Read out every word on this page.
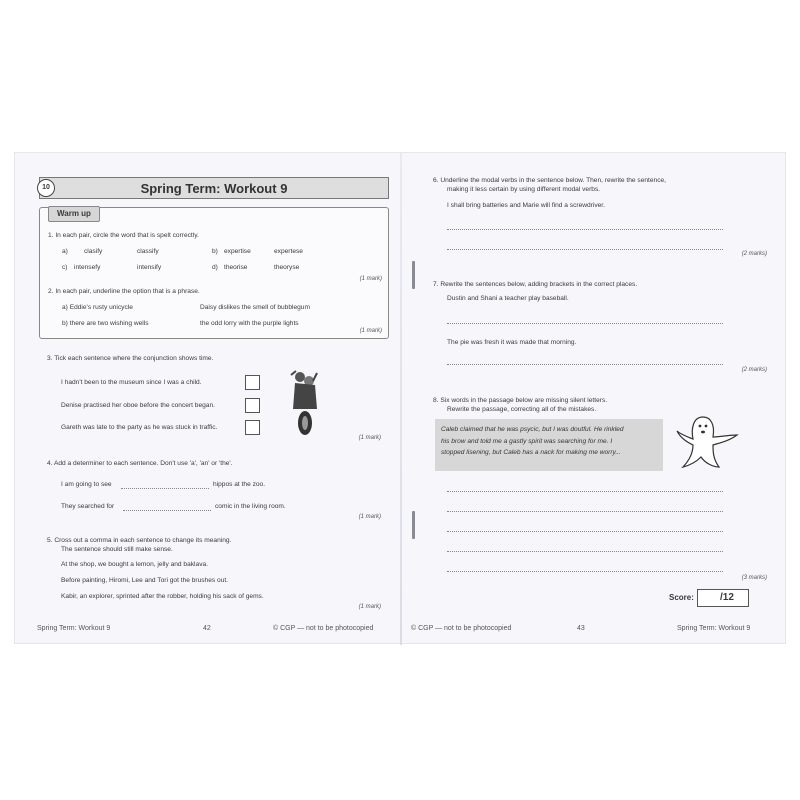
Spring Term: Workout 9
10
Warm up
1. In each pair, circle the word that is spelt correctly.
a) clasify	classify	b) expertise	expertese
c) intensefy	intensify	d) theorise	theoryse
(1 mark)
2. In each pair, underline the option that is a phrase.
a) Eddie's rusty unicycle	Daisy dislikes the smell of bubblegum
b) there are two wishing wells	the odd lorry with the purple lights
(1 mark)
3. Tick each sentence where the conjunction shows time.
I hadn't been to the museum since I was a child.
Denise practised her oboe before the concert began.
Gareth was late to the party as he was stuck in traffic.
(1 mark)
4. Add a determiner to each sentence. Don't use 'a', 'an' or 'the'.
I am going to see	hippos at the zoo.
They searched for	comic in the living room.
(1 mark)
5. Cross out a comma in each sentence to change its meaning.
The sentence should still make sense.
At the shop, we bought a lemon, jelly and baklava.
Before painting, Hiromi, Lee and Tori got the brushes out.
Kabir, an explorer, sprinted after the robber, holding his sack of gems.
(1 mark)
Spring Term: Workout 9	42	© CGP — not to be photocopied
6. Underline the modal verbs in the sentence below. Then, rewrite the sentence,
making it less certain by using different modal verbs.
I shall bring batteries and Marie will find a screwdriver.
(2 marks)
7. Rewrite the sentences below, adding brackets in the correct places.
Dustin and Shani a teacher play baseball.
The pie was fresh it was made that morning.
(2 marks)
8. Six words in the passage below are missing silent letters.
Rewrite the passage, correcting all of the mistakes.
Caleb claimed that he was psycic, but I was doutful. He rinkled
his brow and told me a gastly spirit was searching for me. I
stopped lisening, but Caleb has a nack for making me worry...
(3 marks)
Score:	/12
© CGP — not to be photocopied	43	Spring Term: Workout 9
